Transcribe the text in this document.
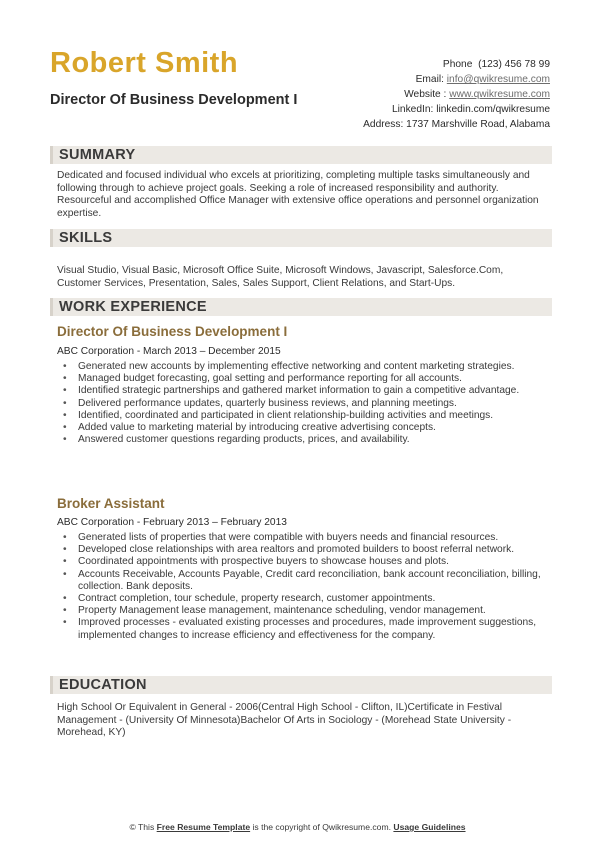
Robert Smith
Director Of Business Development I
Phone (123) 456 78 99
Email: info@qwikresume.com
Website : www.qwikresume.com
LinkedIn: linkedin.com/qwikresume
Address: 1737 Marshville Road, Alabama
SUMMARY
Dedicated and focused individual who excels at prioritizing, completing multiple tasks simultaneously and following through to achieve project goals. Seeking a role of increased responsibility and authority. Resourceful and accomplished Office Manager with extensive office operations and personnel organization expertise.
SKILLS
Visual Studio, Visual Basic, Microsoft Office Suite, Microsoft Windows, Javascript, Salesforce.Com, Customer Services, Presentation, Sales, Sales Support, Client Relations, and Start-Ups.
WORK EXPERIENCE
Director Of Business Development I
ABC Corporation - March 2013 – December 2015
• Generated new accounts by implementing effective networking and content marketing strategies.
• Managed budget forecasting, goal setting and performance reporting for all accounts.
• Identified strategic partnerships and gathered market information to gain a competitive advantage.
• Delivered performance updates, quarterly business reviews, and planning meetings.
• Identified, coordinated and participated in client relationship-building activities and meetings.
• Added value to marketing material by introducing creative advertising concepts.
• Answered customer questions regarding products, prices, and availability.
Broker Assistant
ABC Corporation - February 2013 – February 2013
• Generated lists of properties that were compatible with buyers needs and financial resources.
• Developed close relationships with area realtors and promoted builders to boost referral network.
• Coordinated appointments with prospective buyers to showcase houses and plots.
• Accounts Receivable, Accounts Payable, Credit card reconciliation, bank account reconciliation, billing, collection. Bank deposits.
• Contract completion, tour schedule, property research, customer appointments.
• Property Management lease management, maintenance scheduling, vendor management.
• Improved processes - evaluated existing processes and procedures, made improvement suggestions, implemented changes to increase efficiency and effectiveness for the company.
EDUCATION
High School Or Equivalent in General - 2006(Central High School - Clifton, IL)Certificate in Festival Management - (University Of Minnesota)Bachelor Of Arts in Sociology - (Morehead State University - Morehead, KY)
© This Free Resume Template is the copyright of Qwikresume.com. Usage Guidelines
